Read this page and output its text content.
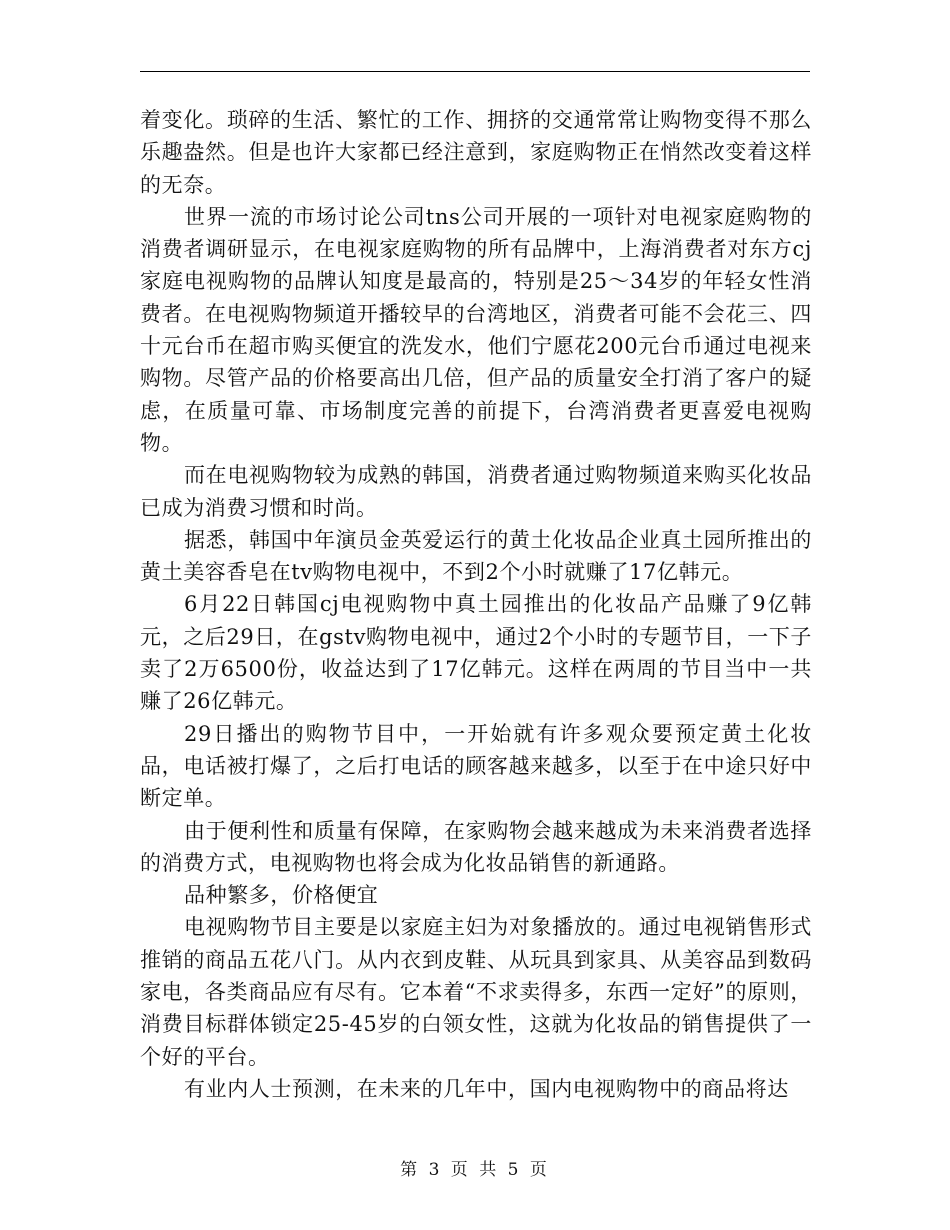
着变化。琐碎的生活、繁忙的工作、拥挤的交通常常让购物变得不那么乐趣盎然。但是也许大家都已经注意到，家庭购物正在悄然改变着这样的无奈。

世界一流的市场讨论公司tns公司开展的一项针对电视家庭购物的消费者调研显示，在电视家庭购物的所有品牌中，上海消费者对东方cj家庭电视购物的品牌认知度是最高的，特别是25～34岁的年轻女性消费者。在电视购物频道开播较早的台湾地区，消费者可能不会花三、四十元台币在超市购买便宜的洗发水，他们宁愿花200元台币通过电视来购物。尽管产品的价格要高出几倍，但产品的质量安全打消了客户的疑虑，在质量可靠、市场制度完善的前提下，台湾消费者更喜爱电视购物。

而在电视购物较为成熟的韩国，消费者通过购物频道来购买化妆品已成为消费习惯和时尚。

据悉，韩国中年演员金英爱运行的黄土化妆品企业真土园所推出的黄土美容香皂在tv购物电视中，不到2个小时就赚了17亿韩元。

6月22日韩国cj电视购物中真土园推出的化妆品产品赚了9亿韩元，之后29日，在gstv购物电视中，通过2个小时的专题节目，一下子卖了2万6500份，收益达到了17亿韩元。这样在两周的节目当中一共赚了26亿韩元。

29日播出的购物节目中，一开始就有许多观众要预定黄土化妆品，电话被打爆了，之后打电话的顾客越来越多，以至于在中途只好中断定单。

由于便利性和质量有保障，在家购物会越来越成为未来消费者选择的消费方式，电视购物也将会成为化妆品销售的新通路。

品种繁多，价格便宜

电视购物节目主要是以家庭主妇为对象播放的。通过电视销售形式推销的商品五花八门。从内衣到皮鞋、从玩具到家具、从美容品到数码家电，各类商品应有尽有。它本着“不求卖得多，东西一定好”的原则，消费目标群体锁定25-45岁的白领女性，这就为化妆品的销售提供了一个好的平台。

有业内人士预测，在未来的几年中，国内电视购物中的商品将达

第 3 页 共 5 页
